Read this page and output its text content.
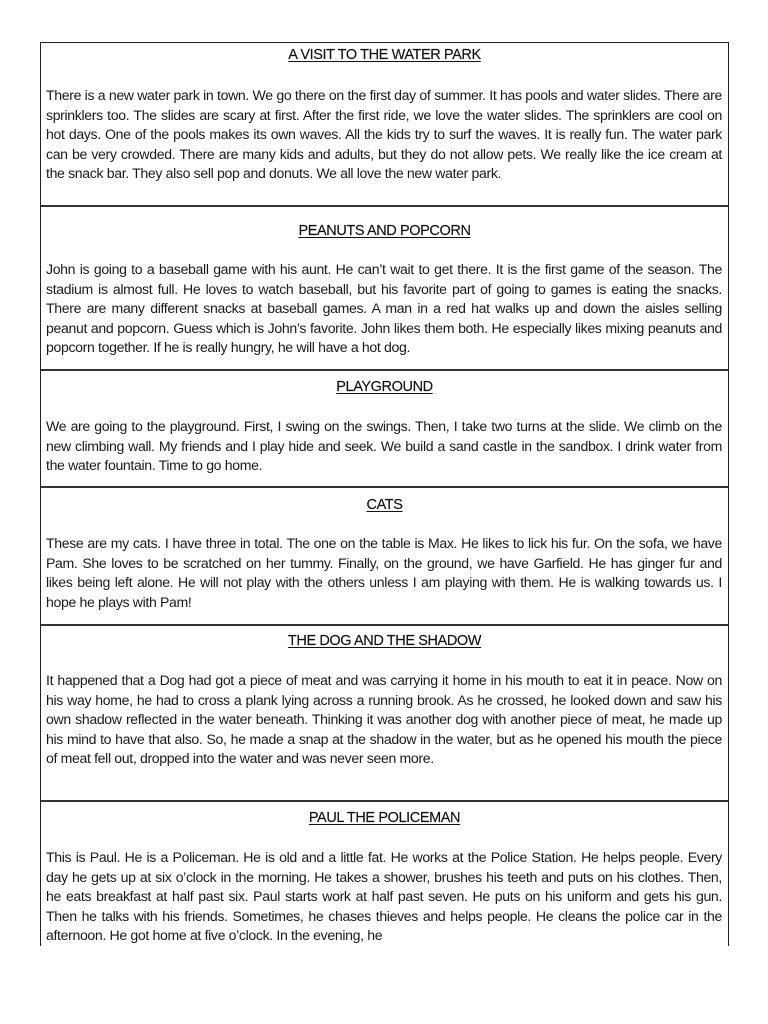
A VISIT TO THE WATER PARK

There is a new water park in town. We go there on the first day of summer. It has pools and water slides. There are sprinklers too. The slides are scary at first. After the first ride, we love the water slides. The sprinklers are cool on hot days. One of the pools makes its own waves. All the kids try to surf the waves. It is really fun. The water park can be very crowded. There are many kids and adults, but they do not allow pets. We really like the ice cream at the snack bar. They also sell pop and donuts. We all love the new water park.

PEANUTS AND POPCORN

John is going to a baseball game with his aunt. He can’t wait to get there. It is the first game of the season. The stadium is almost full. He loves to watch baseball, but his favorite part of going to games is eating the snacks. There are many different snacks at baseball games. A man in a red hat walks up and down the aisles selling peanut and popcorn. Guess which is John’s favorite. John likes them both. He especially likes mixing peanuts and popcorn together. If he is really hungry, he will have a hot dog.

PLAYGROUND

We are going to the playground. First, I swing on the swings. Then, I take two turns at the slide. We climb on the new climbing wall. My friends and I play hide and seek. We build a sand castle in the sandbox. I drink water from the water fountain. Time to go home.

CATS

These are my cats. I have three in total. The one on the table is Max. He likes to lick his fur. On the sofa, we have Pam. She loves to be scratched on her tummy. Finally, on the ground, we have Garfield. He has ginger fur and likes being left alone. He will not play with the others unless I am playing with them. He is walking towards us. I hope he plays with Pam!

THE DOG AND THE SHADOW

It happened that a Dog had got a piece of meat and was carrying it home in his mouth to eat it in peace. Now on his way home, he had to cross a plank lying across a running brook. As he crossed, he looked down and saw his own shadow reflected in the water beneath. Thinking it was another dog with another piece of meat, he made up his mind to have that also. So, he made a snap at the shadow in the water, but as he opened his mouth the piece of meat fell out, dropped into the water and was never seen more.

PAUL THE POLICEMAN

This is Paul. He is a Policeman. He is old and a little fat. He works at the Police Station. He helps people. Every day he gets up at six o’clock in the morning. He takes a shower, brushes his teeth and puts on his clothes. Then, he eats breakfast at half past six. Paul starts work at half past seven. He puts on his uniform and gets his gun. Then he talks with his friends. Sometimes, he chases thieves and helps people. He cleans the police car in the afternoon. He got home at five o’clock. In the evening, he
